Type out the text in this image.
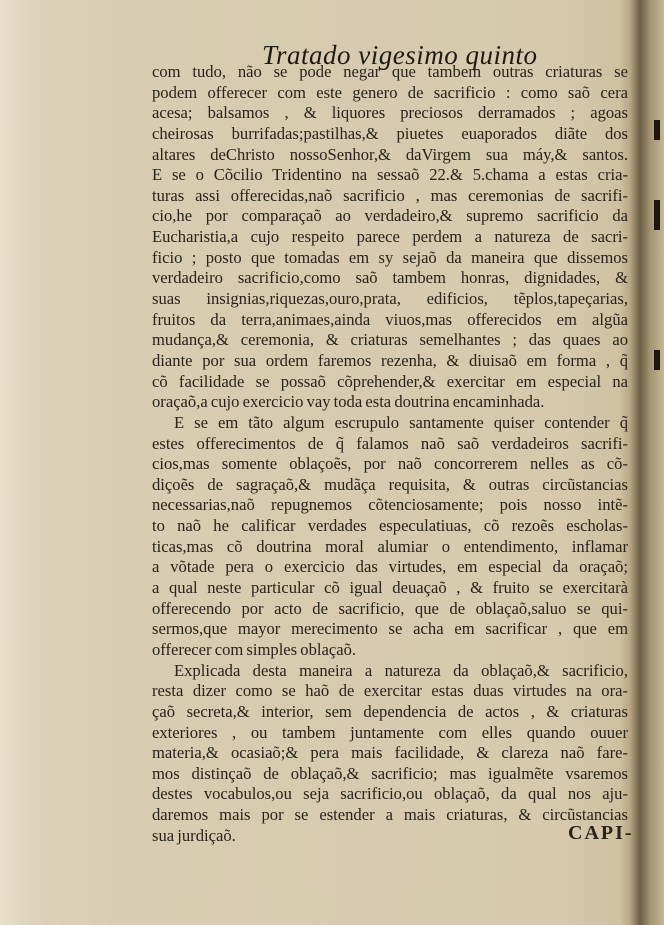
Tratado vigesimo quinto
com tudo, não se pode negar que tambem outras criaturas se
podem offerecer com este genero de sacrificio : como saõ cera
acesa; balsamos , & liquores preciosos derramados ; agoas
cheirosas burrifadas;pastilhas,& piuetes euaporados diãte dos
altares deChristo nossoSenhor,& daVirgem sua máy,& santos.
E se o Cõcilio Tridentino na sessaõ 22.& 5.chama a estas cria-
turas assi offerecidas,naõ sacrificio , mas ceremonias de sacrifi-
cio,he por comparaçaõ ao verdadeiro,& supremo sacrificio da
Eucharistia,a cujo respeito parece perdem a natureza de sacri-
ficio ; posto que tomadas em sy sejaõ da maneira que dissemos
verdadeiro sacrificio,como saõ tambem honras, dignidades, &
suas insignias,riquezas,ouro,prata, edificios, tẽplos,tapeçarias,
fruitos da terra,animaes,ainda viuos,mas offerecidos em algũa
mudança,& ceremonia, & criaturas semelhantes ; das quaes ao
diante por sua ordem faremos rezenha, & diuisaõ em forma , q̃
cõ facilidade se possaõ cõprehender,& exercitar em especial na
oraçaõ,a cujo exercicio vay toda esta doutrina encaminhada.
E se em tãto algum escrupulo santamente quiser contender q̃
estes offerecimentos de q̃ falamos naõ saõ verdadeiros sacrifi-
cios,mas somente oblaçoẽs, por naõ concorrerem nelles as cõ-
diçoẽs de sagraçaõ,& mudãça requisita, & outras circũstancias
necessarias,naõ repugnemos cõtenciosamente; pois nosso intẽ-
to naõ he calificar verdades especulatiuas, cõ rezoẽs escholas-
ticas,mas cõ doutrina moral alumiar o entendimento, inflamar
a võtade pera o exercicio das virtudes, em especial da oraçaõ;
a qual neste particular cõ igual deuaçaõ , & fruito se exercitarà
offerecendo por acto de sacrificio, que de oblaçaõ,saluo se qui-
sermos,que mayor merecimento se acha em sacrificar , que em
offerecer com simples oblaçaõ.
Explicada desta maneira a natureza da oblaçaõ,& sacrificio,
resta dizer como se haõ de exercitar estas duas virtudes na ora-
çaõ secreta,& interior, sem dependencia de actos , & criaturas
exteriores , ou tambem juntamente com elles quando ouuer
materia,& ocasiaõ;& pera mais facilidade, & clareza naõ fare-
mos distinçaõ de oblaçaõ,& sacrificio; mas igualmẽte vsaremos
destes vocabulos,ou seja sacrificio,ou oblaçaõ, da qual nos aju-
daremos mais por se estender a mais criaturas, & circũstancias
sua jurdiçaõ.	CAPI-
